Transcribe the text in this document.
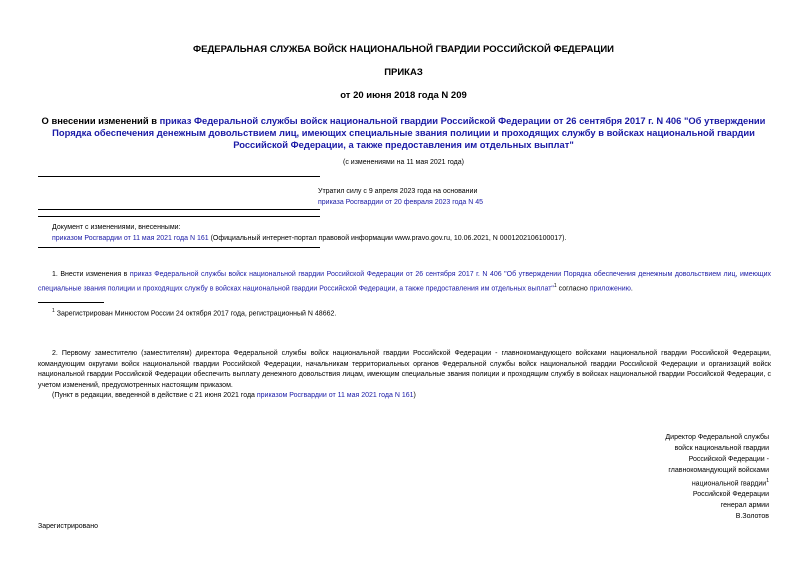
ФЕДЕРАЛЬНАЯ СЛУЖБА ВОЙСК НАЦИОНАЛЬНОЙ ГВАРДИИ РОССИЙСКОЙ ФЕДЕРАЦИИ
ПРИКАЗ
от 20 июня 2018 года N 209
О внесении изменений в приказ Федеральной службы войск национальной гвардии Российской Федерации от 26 сентября 2017 г. N 406 "Об утверждении Порядка обеспечения денежным довольствием лиц, имеющих специальные звания полиции и проходящих службу в войсках национальной гвардии Российской Федерации, а также предоставления им отдельных выплат"
(с изменениями на 11 мая 2021 года)
Утратил силу с 9 апреля 2023 года на основании
приказа Росгвардии от 20 февраля 2023 года N 45
Документ с изменениями, внесенными:
приказом Росгвардии от 11 мая 2021 года N 161 (Официальный интернет-портал правовой информации www.pravo.gov.ru, 10.06.2021, N 0001202106100017).
1. Внести изменения в приказ Федеральной службы войск национальной гвардии Российской Федерации от 26 сентября 2017 г. N 406 "Об утверждении Порядка обеспечения денежным довольствием лиц, имеющих специальные звания полиции и проходящих службу в войсках национальной гвардии Российской Федерации, а также предоставления им отдельных выплат"$^1$ согласно приложению.
$^1$ Зарегистрирован Минюстом России 24 октября 2017 года, регистрационный N 48662.
2. Первому заместителю (заместителям) директора Федеральной службы войск национальной гвардии Российской Федерации - главнокомандующего войсками национальной гвардии Российской Федерации, командующим округами войск национальной гвардии Российской Федерации, начальникам территориальных органов Федеральной службы войск национальной гвардии Российской Федерации и организаций войск национальной гвардии Российской Федерации обеспечить выплату денежного довольствия лицам, имеющим специальные звания полиции и проходящим службу в войсках национальной гвардии Российской Федерации, с учетом изменений, предусмотренных настоящим приказом.
(Пункт в редакции, введенной в действие с 21 июня 2021 года приказом Росгвардии от 11 мая 2021 года N 161)
Директор Федеральной службы
войск национальной гвардии
Российской Федерации -
главнокомандующий войсками
национальной гвардии$^1$
Российской Федерации
генерал армии
В.Золотов
Зарегистрировано
